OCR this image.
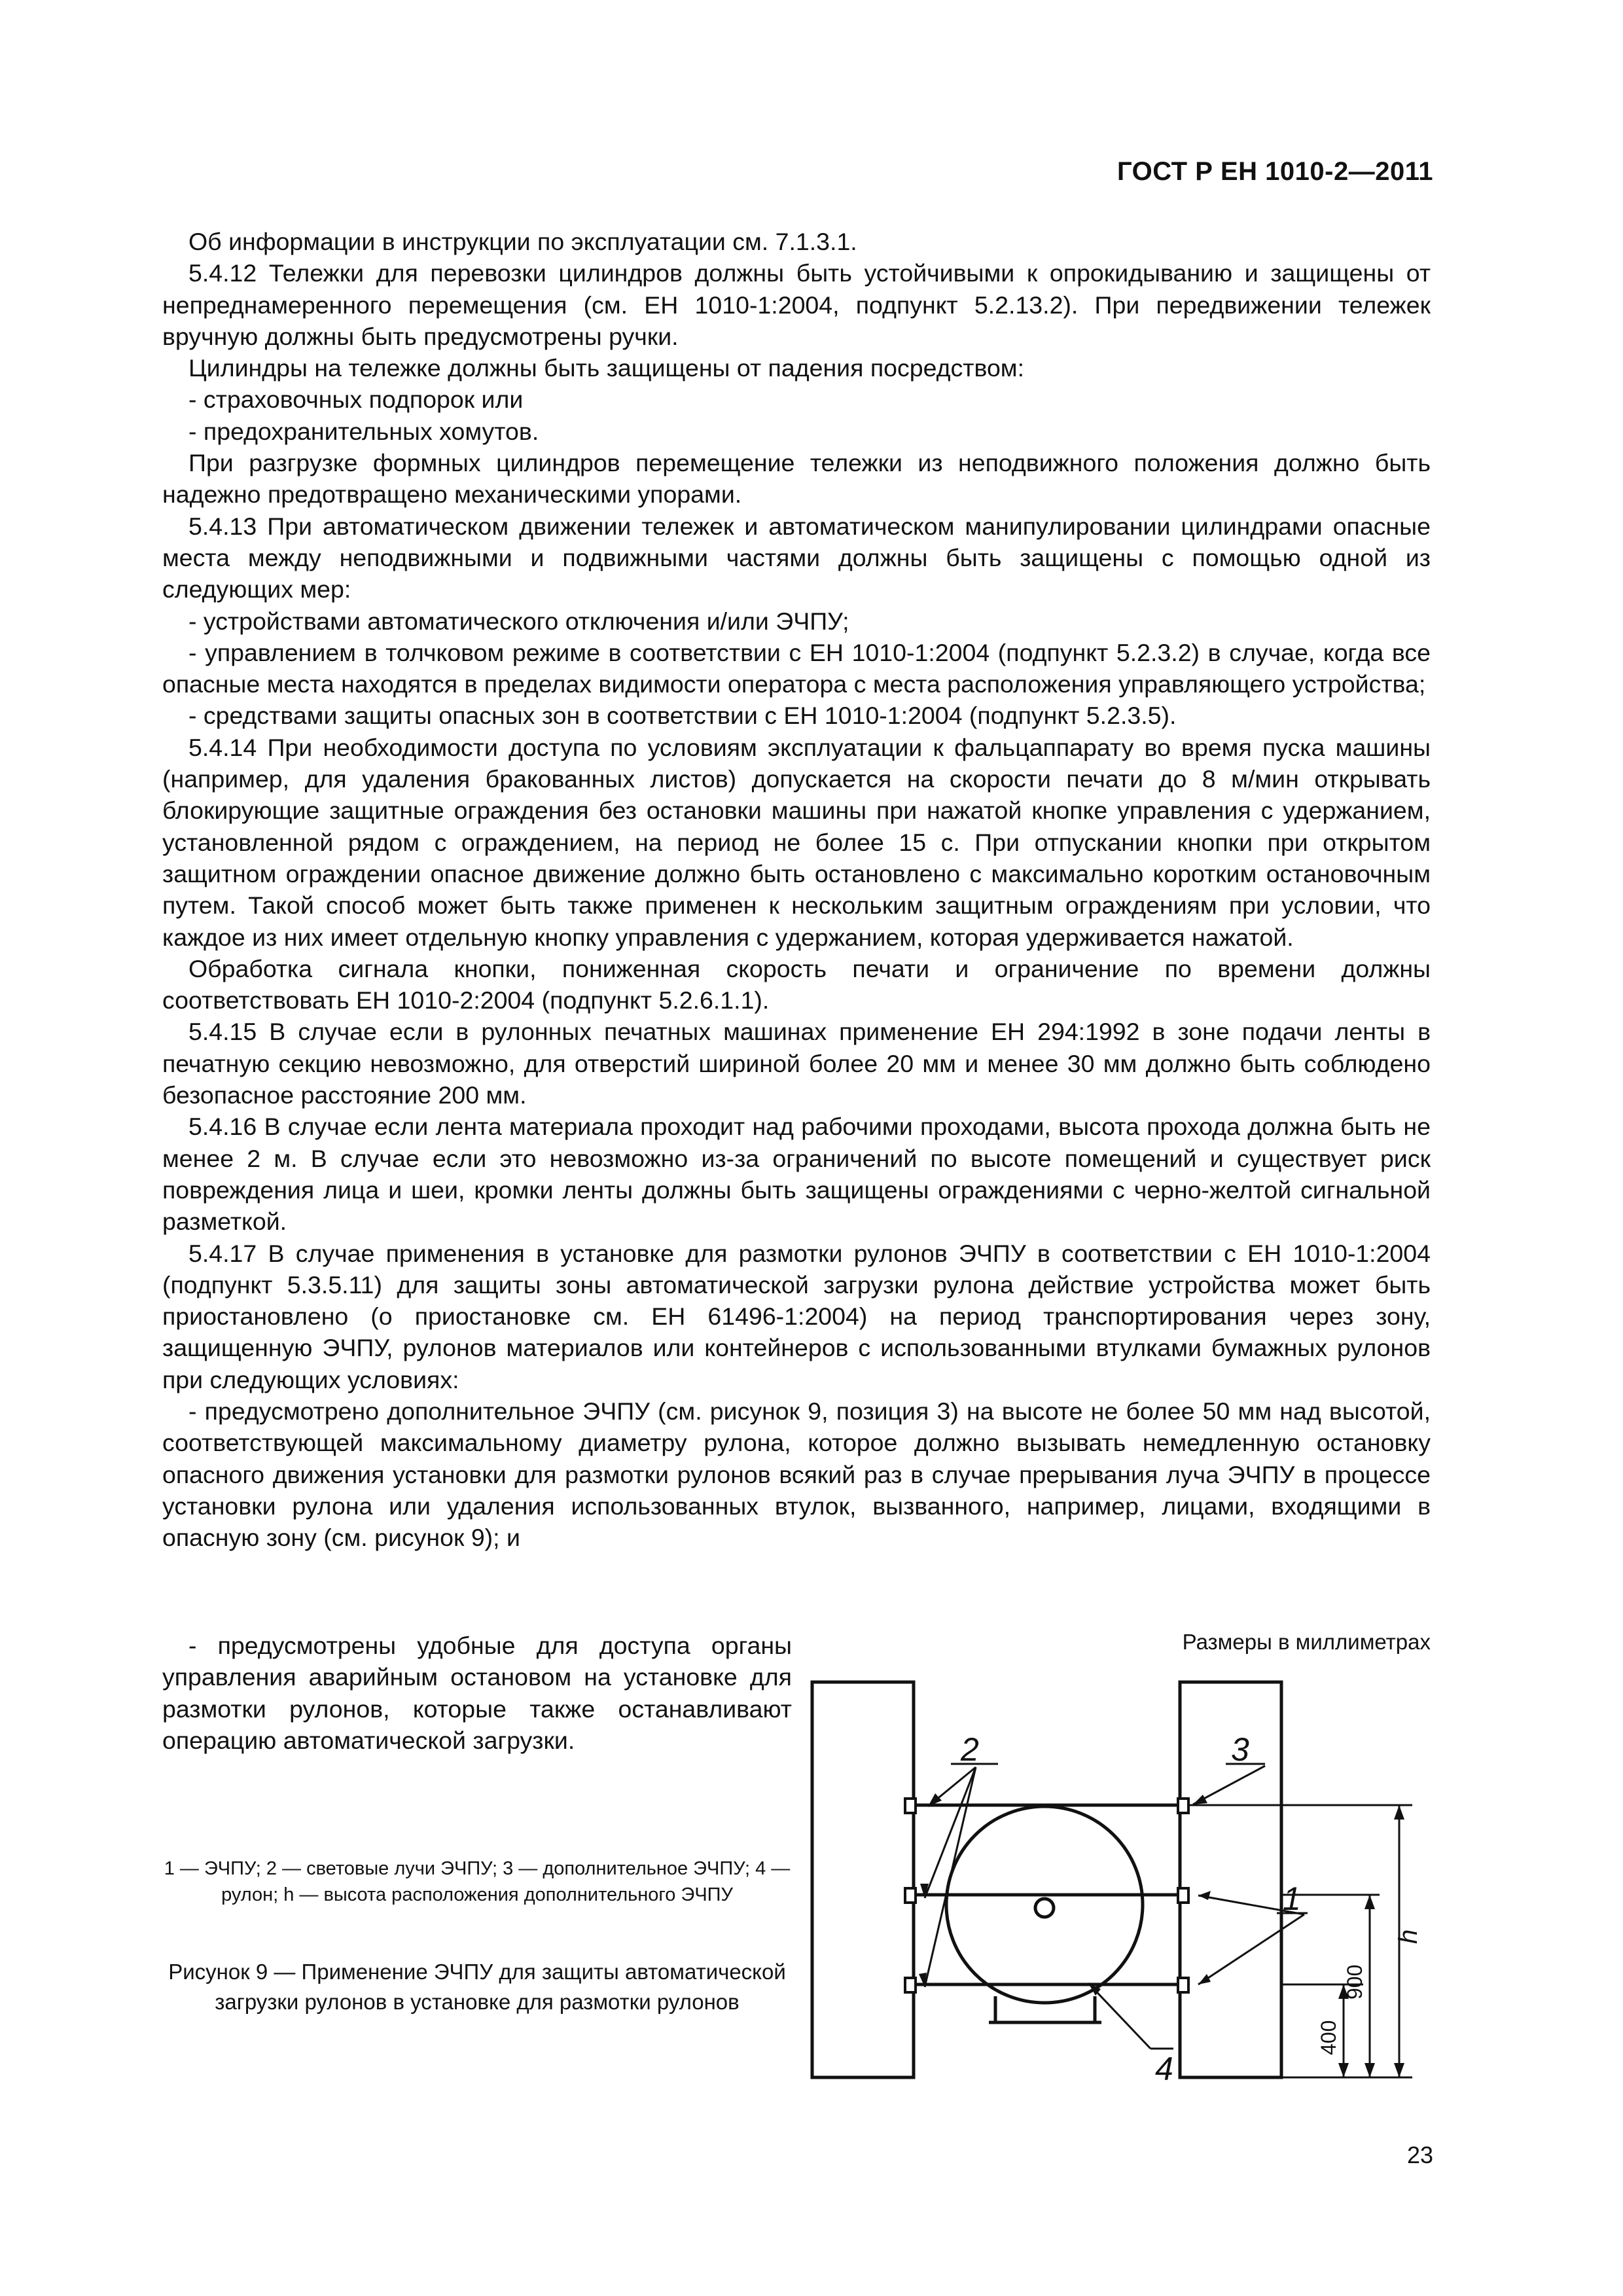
ГОСТ Р ЕН 1010-2—2011

Об информации в инструкции по эксплуатации см. 7.1.3.1.

5.4.12 Тележки для перевозки цилиндров должны быть устойчивыми к опрокидыванию и защищены от непреднамеренного перемещения (см. ЕН 1010-1:2004, подпункт 5.2.13.2). При передвижении тележек вручную должны быть предусмотрены ручки.

Цилиндры на тележке должны быть защищены от падения посредством:

- страховочных подпорок или

- предохранительных хомутов.

При разгрузке формных цилиндров перемещение тележки из неподвижного положения должно быть надежно предотвращено механическими упорами.

5.4.13 При автоматическом движении тележек и автоматическом манипулировании цилиндрами опасные места между неподвижными и подвижными частями должны быть защищены с помощью одной из следующих мер:

- устройствами автоматического отключения и/или ЭЧПУ;

- управлением в толчковом режиме в соответствии с ЕН 1010-1:2004 (подпункт 5.2.3.2) в случае, когда все опасные места находятся в пределах видимости оператора с места расположения управляющего устройства;

- средствами защиты опасных зон в соответствии с ЕН 1010-1:2004 (подпункт 5.2.3.5).

5.4.14 При необходимости доступа по условиям эксплуатации к фальцаппарату во время пуска машины (например, для удаления бракованных листов) допускается на скорости печати до 8 м/мин открывать блокирующие защитные ограждения без остановки машины при нажатой кнопке управления с удержанием, установленной рядом с ограждением, на период не более 15 с. При отпускании кнопки при открытом защитном ограждении опасное движение должно быть остановлено с максимально коротким остановочным путем. Такой способ может быть также применен к нескольким защитным ограждениям при условии, что каждое из них имеет отдельную кнопку управления с удержанием, которая удерживается нажатой.

Обработка сигнала кнопки, пониженная скорость печати и ограничение по времени должны соответствовать ЕН 1010-2:2004 (подпункт 5.2.6.1.1).

5.4.15 В случае если в рулонных печатных машинах применение ЕН 294:1992 в зоне подачи ленты в печатную секцию невозможно, для отверстий шириной более 20 мм и менее 30 мм должно быть соблюдено безопасное расстояние 200 мм.

5.4.16 В случае если лента материала проходит над рабочими проходами, высота прохода должна быть не менее 2 м. В случае если это невозможно из-за ограничений по высоте помещений и существует риск повреждения лица и шеи, кромки ленты должны быть защищены ограждениями с черно-желтой сигнальной разметкой.

5.4.17 В случае применения в установке для размотки рулонов ЭЧПУ в соответствии с ЕН 1010-1:2004 (подпункт 5.3.5.11) для защиты зоны автоматической загрузки рулона действие устройства может быть приостановлено (о приостановке см. ЕН 61496-1:2004) на период транспортирования через зону, защищенную ЭЧПУ, рулонов материалов или контейнеров с использованными втулками бумажных рулонов при следующих условиях:

- предусмотрено дополнительное ЭЧПУ (см. рисунок 9, позиция 3) на высоте не более 50 мм над высотой, соответствующей максимальному диаметру рулона, которое должно вызывать немедленную остановку опасного движения установки для размотки рулонов всякий раз в случае прерывания луча ЭЧПУ в процессе установки рулона или удаления использованных втулок, вызванного, например, лицами, входящими в опасную зону (см. рисунок 9); и

- предусмотрены удобные для доступа органы управления аварийным остановом на установке для размотки рулонов, которые также останавливают операцию автоматической загрузки.

1 — ЭЧПУ; 2 — световые лучи ЭЧПУ; 3 — дополнительное ЭЧПУ; 4 — рулон; h — высота расположения дополнительного ЭЧПУ
Рисунок 9 — Применение ЭЧПУ для защиты автоматической загрузки рулонов в установке для размотки рулонов
Размеры в миллиметрах
2	3
1
4
h
900
400
23
